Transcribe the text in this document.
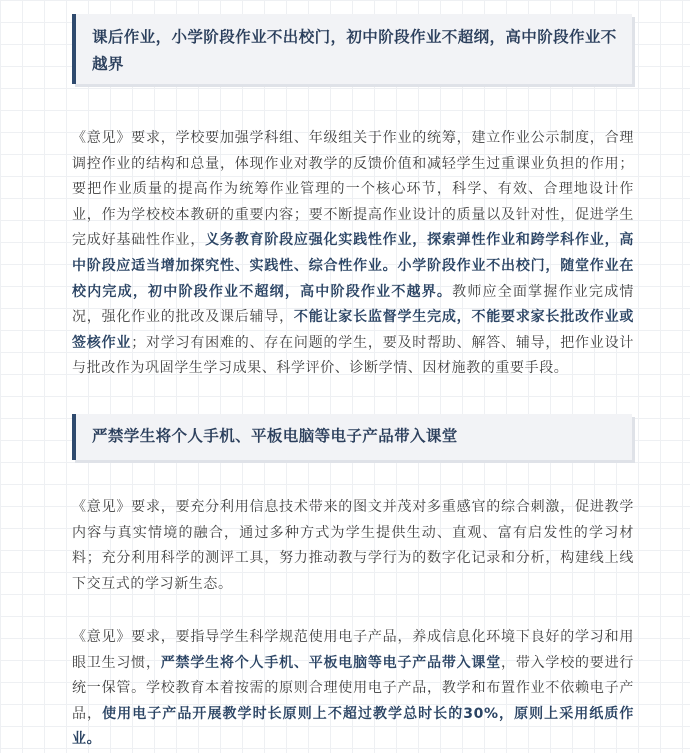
课后作业，小学阶段作业不出校门，初中阶段作业不超纲，高中阶段作业不越界
《意见》要求，学校要加强学科组、年级组关于作业的统筹，建立作业公示制度，合理调控作业的结构和总量，体现作业对教学的反馈价值和减轻学生过重课业负担的作用；要把作业质量的提高作为统筹作业管理的一个核心环节，科学、有效、合理地设计作业，作为学校校本教研的重要内容；要不断提高作业设计的质量以及针对性，促进学生完成好基础性作业，义务教育阶段应强化实践性作业，探索弹性作业和跨学科作业，高中阶段应适当增加探究性、实践性、综合性作业。小学阶段作业不出校门，随堂作业在校内完成，初中阶段作业不超纲，高中阶段作业不越界。教师应全面掌握作业完成情况，强化作业的批改及课后辅导，不能让家长监督学生完成，不能要求家长批改作业或签核作业；对学习有困难的、存在问题的学生，要及时帮助、解答、辅导，把作业设计与批改作为巩固学生学习成果、科学评价、诊断学情、因材施教的重要手段。
严禁学生将个人手机、平板电脑等电子产品带入课堂
《意见》要求，要充分利用信息技术带来的图文并茂对多重感官的综合刺激，促进教学内容与真实情境的融合，通过多种方式为学生提供生动、直观、富有启发性的学习材料；充分利用科学的测评工具，努力推动教与学行为的数字化记录和分析，构建线上线下交互式的学习新生态。
《意见》要求，要指导学生科学规范使用电子产品，养成信息化环境下良好的学习和用眼卫生习惯，严禁学生将个人手机、平板电脑等电子产品带入课堂，带入学校的要进行统一保管。学校教育本着按需的原则合理使用电子产品，教学和布置作业不依赖电子产品，使用电子产品开展教学时长原则上不超过教学总时长的30%，原则上采用纸质作业。
